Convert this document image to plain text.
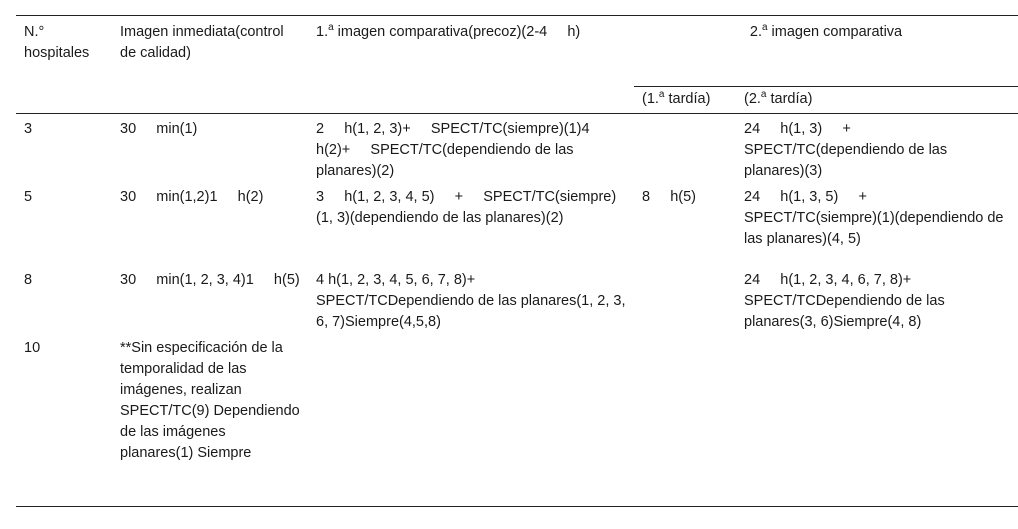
N.° hospitales	Imagen inmediata(control de calidad)	1.$^a$ imagen comparativa(precoz)(2-4     h)	2.$^a$ imagen comparativa	
			(1.$^a$ tardía)	(2.$^a$ tardía)
3	30     min(1)	2     h(1, 2, 3)+     SPECT/TC(siempre)(1)4     h(2)+     SPECT/TC(dependiendo de las planares)(2)		24     h(1, 3)     +     SPECT/TC(dependiendo de las planares)(3)
5	30     min(1,2)1     h(2)	3     h(1, 2, 3, 4, 5)     +     SPECT/TC(siempre)(1, 3)(dependiendo de las planares)(2)	8     h(5)	24     h(1, 3, 5)     +     SPECT/TC(siempre)(1)(dependiendo de las planares)(4, 5)
8	30     min(1, 2, 3, 4)1     h(5)	4 h(1, 2, 3, 4, 5, 6, 7, 8)+     SPECT/TCDependiendo de las planares(1, 2, 3, 6, 7)Siempre(4,5,8)		24     h(1, 2, 3, 4, 6, 7, 8)+     SPECT/TCDependiendo de las planares(3, 6)Siempre(4, 8)
10	**Sin especificación de la temporalidad de las imágenes, realizan SPECT/TC(9) Dependiendo de las imágenes planares(1) Siempre			
